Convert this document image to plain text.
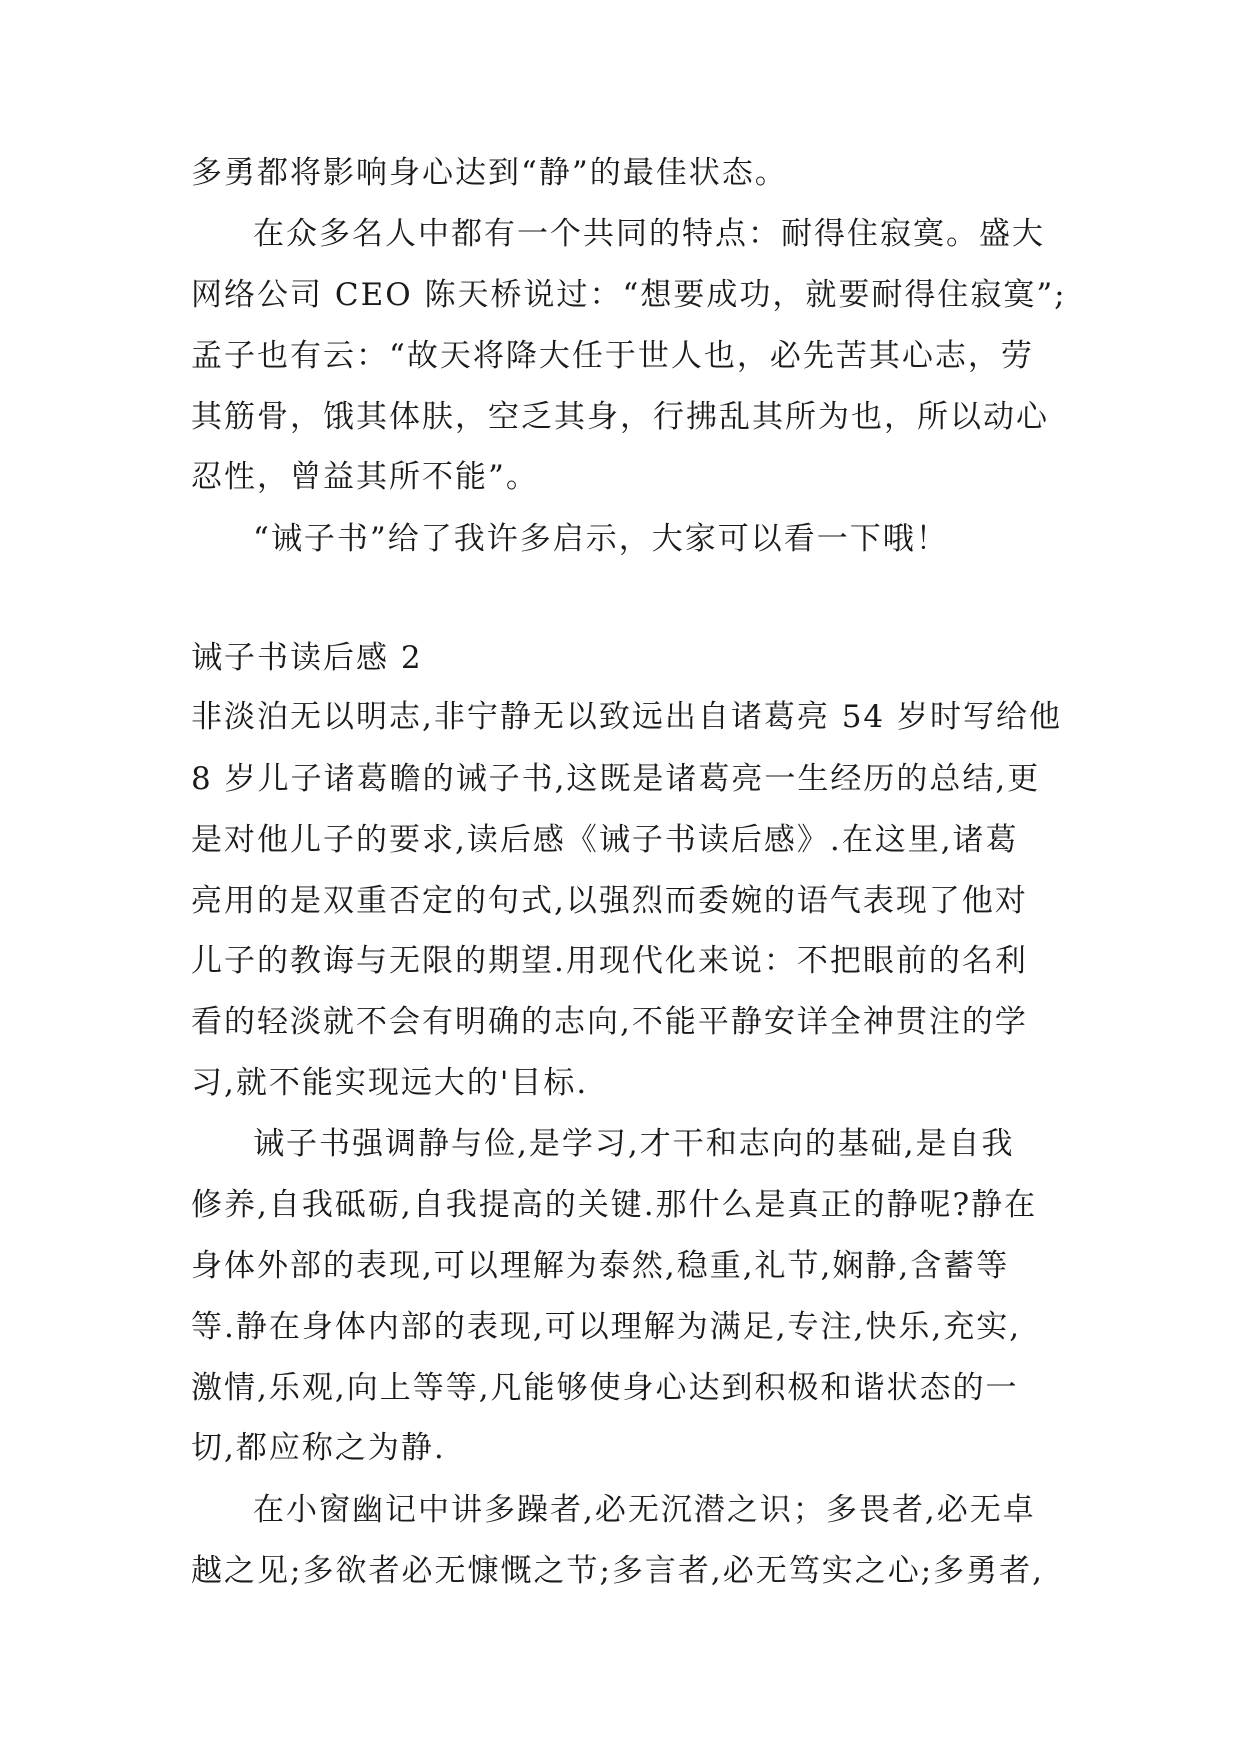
多勇都将影响身心达到“静”的最佳状态。
在众多名人中都有一个共同的特点：耐得住寂寞。盛大
网络公司 CEO 陈天桥说过：“想要成功，就要耐得住寂寞”;
孟子也有云：“故天将降大任于世人也，必先苦其心志，劳
其筋骨，饿其体肤，空乏其身，行拂乱其所为也，所以动心
忍性，曾益其所不能”。
“诫子书”给了我许多启示，大家可以看一下哦！
诫子书读后感 2
非淡泊无以明志,非宁静无以致远出自诸葛亮 54 岁时写给他
8 岁儿子诸葛瞻的诫子书,这既是诸葛亮一生经历的总结,更
是对他儿子的要求,读后感《诫子书读后感》.在这里,诸葛
亮用的是双重否定的句式,以强烈而委婉的语气表现了他对
儿子的教诲与无限的期望.用现代化来说：不把眼前的名利
看的轻淡就不会有明确的志向,不能平静安详全神贯注的学
习,就不能实现远大的'目标.
诫子书强调静与俭,是学习,才干和志向的基础,是自我
修养,自我砥砺,自我提高的关键.那什么是真正的静呢?静在
身体外部的表现,可以理解为泰然,稳重,礼节,娴静,含蓄等
等.静在身体内部的表现,可以理解为满足,专注,快乐,充实,
激情,乐观,向上等等,凡能够使身心达到积极和谐状态的一
切,都应称之为静.
在小窗幽记中讲多躁者,必无沉潜之识；多畏者,必无卓
越之见;多欲者必无慷慨之节;多言者,必无笃实之心;多勇者,
